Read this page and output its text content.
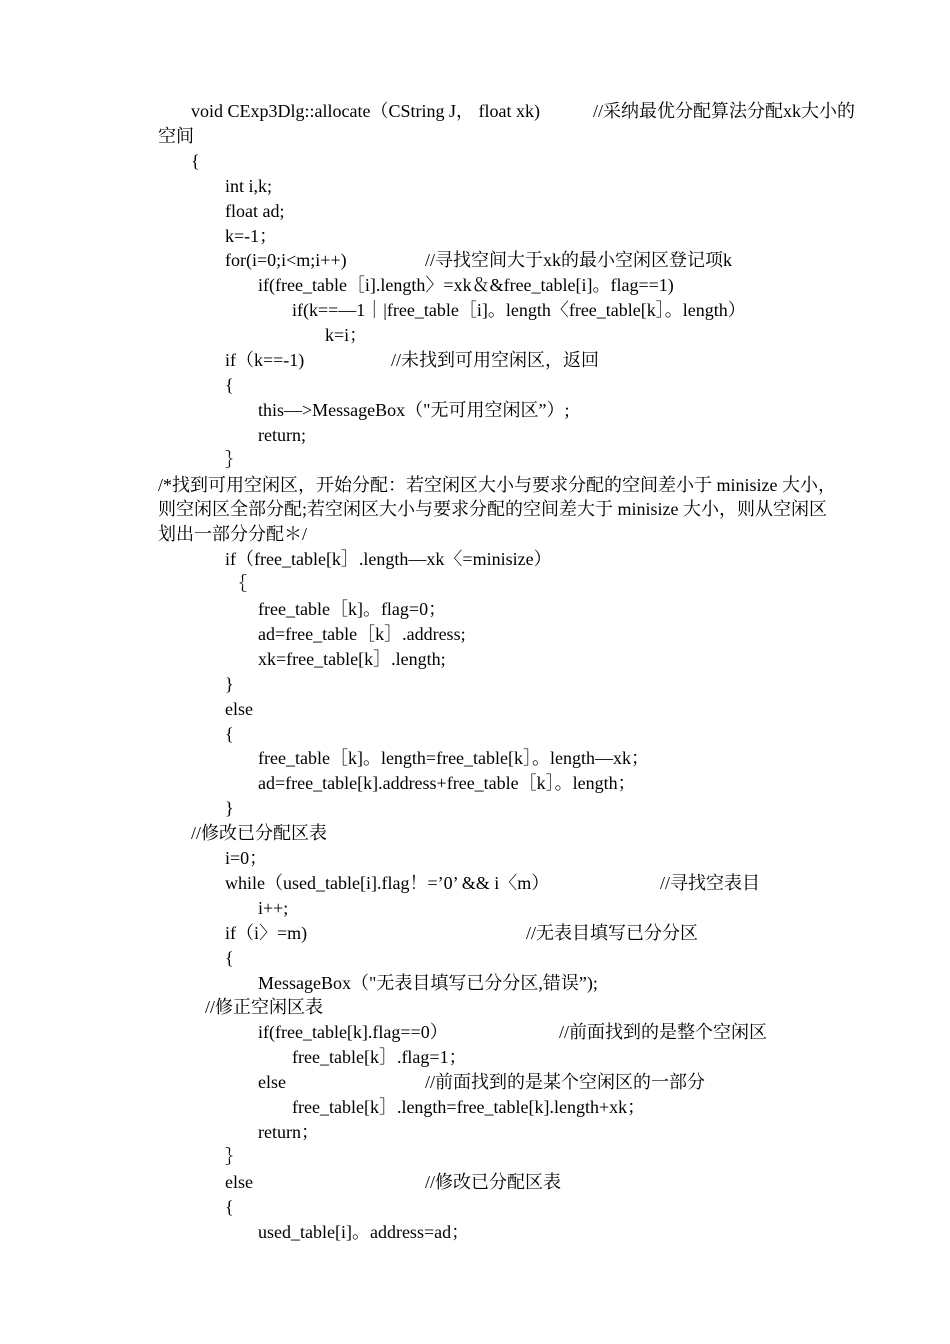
void CExp3Dlg::allocate（CString J， float xk)	//采纳最优分配算法分配xk大小的
空间
{
int i,k;
float ad;
k=-1；
for(i=0;i<m;i++)	//寻找空间大于xk的最小空闲区登记项k
if(free_table［i].length〉=xk＆&free_table[i]。flag==1)
if(k==—1｜|free_table［i]。length〈free_table[k］。length）
k=i；
if（k==-1)	//未找到可用空闲区，返回
{
this—>MessageBox（"无可用空闲区”）;
return;
｝
/*找到可用空闲区，开始分配：若空闲区大小与要求分配的空间差小于 minisize 大小，
则空闲区全部分配;若空闲区大小与要求分配的空间差大于 minisize 大小，则从空闲区
划出一部分分配＊/
if（free_table[k］.length—xk〈=minisize）
｛
free_table［k]。flag=0；
ad=free_table［k］.address;
xk=free_table[k］.length;
}
else
{
free_table［k]。length=free_table[k］。length—xk；
ad=free_table[k].address+free_table［k］。length；
}
//修改已分配区表
i=0；
while（used_table[i].flag！=’0’ && i〈m）	//寻找空表目
i++;
if（i〉=m)	//无表目填写已分分区
{
MessageBox（"无表目填写已分分区,错误”);
//修正空闲区表
if(free_table[k].flag==0）	//前面找到的是整个空闲区
free_table[k］.flag=1；
else	//前面找到的是某个空闲区的一部分
free_table[k］.length=free_table[k].length+xk；
return；
｝
else	//修改已分配区表
{
used_table[i]。address=ad；
